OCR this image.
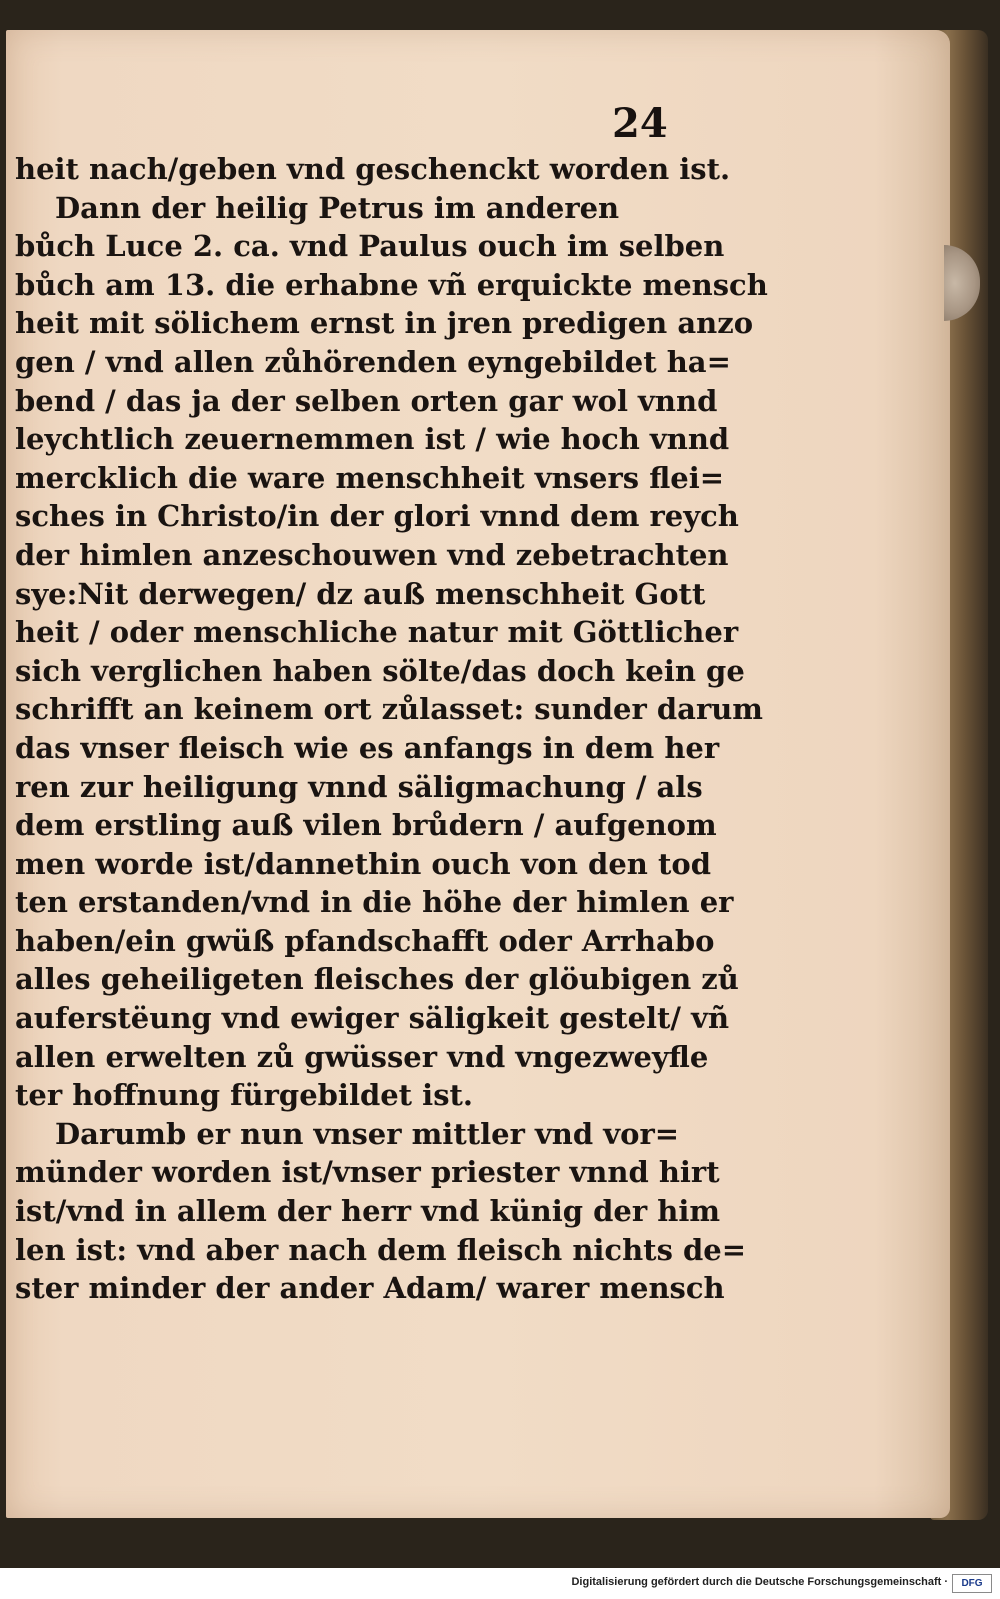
24
heit nach/geben vnd geschenckt worden ist.
Dann der heilig Petrus im anderen
bůch Luce 2. ca. vnd Paulus ouch im selben
bůch am 13. die erhabne vñ erquickte mensch
heit mit sölichem ernst in jren predigen anzo
gen / vnd allen zůhörenden eyngebildet ha=
bend / das ja der selben orten gar wol vnnd
leychtlich zeuernemmen ist / wie hoch vnnd
mercklich die ware menschheit vnsers flei=
sches in Christo/in der glori vnnd dem reych
der himlen anzeschouwen vnd zebetrachten
sye:Nit derwegen/ dz auß menschheit Gott
heit / oder menschliche natur mit Göttlicher
sich verglichen haben sölte/das doch kein ge
schrifft an keinem ort zůlasset: sunder darum
das vnser fleisch wie es anfangs in dem her
ren zur heiligung vnnd säligmachung / als
dem erstling auß vilen brůdern / aufgenom
men worde ist/dannethin ouch von den tod
ten erstanden/vnd in die höhe der himlen er
haben/ein gwüß pfandschafft oder Arrhabo
alles geheiligeten fleisches der glöubigen zů
auferstëung vnd ewiger säligkeit gestelt/ vñ
allen erwelten zů gwüsser vnd vngezweyfle
ter hoffnung fürgebildet ist.
Darumb er nun vnser mittler vnd vor=
münder worden ist/vnser priester vnnd hirt
ist/vnd in allem der herr vnd künig der him
len ist: vnd aber nach dem fleisch nichts de=
ster minder der ander Adam/ warer mensch
Digitalisierung gefördert durch die Deutsche Forschungsgemeinschaft ·	DFG
